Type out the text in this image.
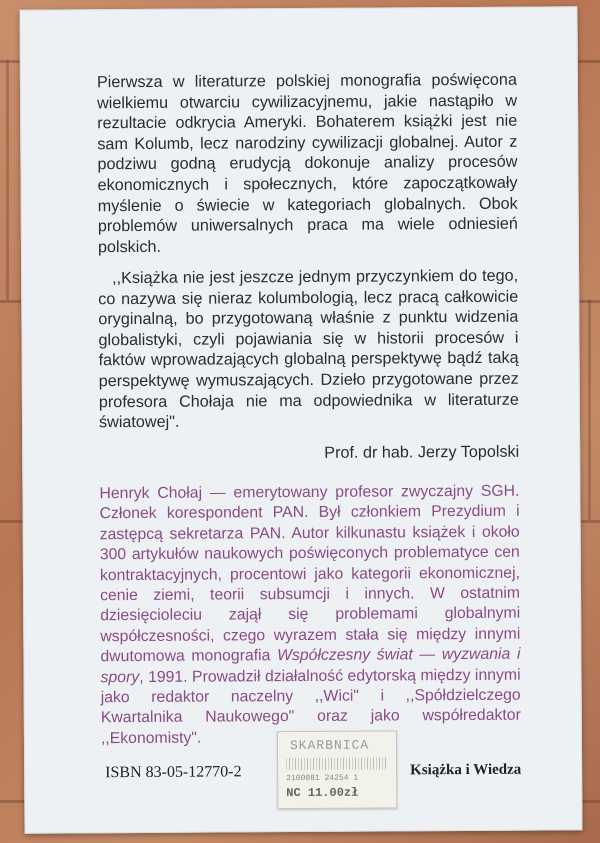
Pierwsza w literaturze polskiej monografia poświęcona wielkiemu otwarciu cywilizacyjnemu, jakie nastąpiło w rezultacie odkrycia Ameryki. Bohaterem książki jest nie sam Kolumb, lecz narodziny cywilizacji globalnej. Autor z podziwu godną erudycją dokonuje analizy procesów ekonomicznych i społecznych, które zapoczątkowały myślenie o świecie w kategoriach globalnych. Obok problemów uniwersalnych praca ma wiele odniesień polskich.

,,Książka nie jest jeszcze jednym przyczynkiem do tego, co nazywa się nieraz kolumbologią, lecz pracą całkowicie oryginalną, bo przygotowaną właśnie z punktu widzenia globalistyki, czyli pojawiania się w historii procesów i faktów wprowadzających globalną perspektywę bądź taką perspektywę wymuszających. Dzieło przygotowane przez profesora Chołaja nie ma odpowiednika w literaturze światowej".

Prof. dr hab. Jerzy Topolski

Henryk Chołaj — emerytowany profesor zwyczajny SGH. Członek korespondent PAN. Był członkiem Prezydium i zastępcą sekretarza PAN. Autor kilkunastu książek i około 300 artykułów naukowych poświęconych problematyce cen kontraktacyjnych, procentowi jako kategorii ekonomicznej, cenie ziemi, teorii subsumcji i innych. W ostatnim dziesięcioleciu zajął się problemami globalnymi współczesności, czego wyrazem stała się między innymi dwutomowa monografia Współczesny świat — wyzwania i spory, 1991. Prowadził działalność edytorską między innymi jako redaktor naczelny ,,Wici" i ,,Spółdzielczego Kwartalnika Naukowego" oraz jako współredaktor ,,Ekonomisty".

ISBN 83-05-12770-2	Książka i Wiedza

SKARBNICA
2100081 24254 1
NC 11.00zł
